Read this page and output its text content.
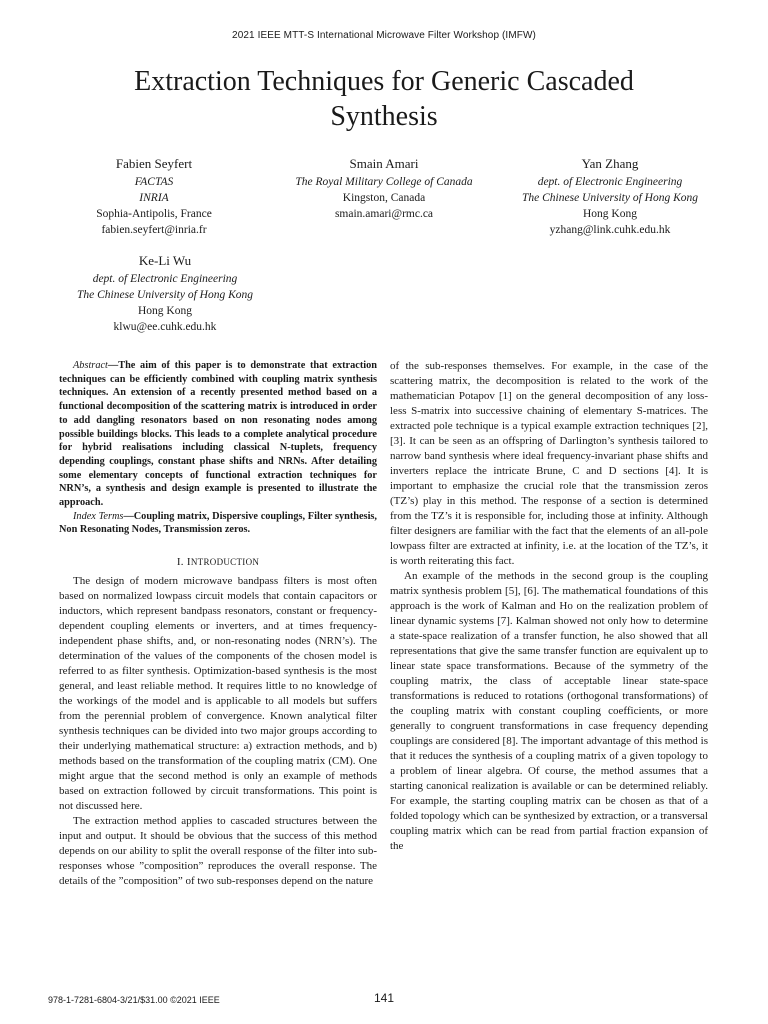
2021 IEEE MTT-S International Microwave Filter Workshop (IMFW)
Extraction Techniques for Generic Cascaded
Synthesis
Fabien Seyfert
FACTAS
INRIA
Sophia-Antipolis, France
fabien.seyfert@inria.fr
Smain Amari
The Royal Military College of Canada
Kingston, Canada
smain.amari@rmc.ca
Yan Zhang
dept. of Electronic Engineering
The Chinese University of Hong Kong
Hong Kong
yzhang@link.cuhk.edu.hk
Ke-Li Wu
dept. of Electronic Engineering
The Chinese University of Hong Kong
Hong Kong
klwu@ee.cuhk.edu.hk

Abstract—The aim of this paper is to demonstrate that extraction techniques can be efficiently combined with coupling matrix synthesis techniques. An extension of a recently presented method based on a functional decomposition of the scattering matrix is introduced in order to add dangling resonators based on non resonating nodes among possible buildings blocks. This leads to a complete analytical procedure for hybrid realisations including classical N-tuplets, frequency depending couplings, constant phase shifts and NRNs. After detailing some elementary concepts of functional extraction techniques for NRN’s, a synthesis and design example is presented to illustrate the approach.

Index Terms—Coupling matrix, Dispersive couplings, Filter synthesis, Non Resonating Nodes, Transmission zeros.

I. INTRODUCTION

The design of modern microwave bandpass filters is most often based on normalized lowpass circuit models that contain capacitors or inductors, which represent bandpass resonators, constant or frequency-dependent coupling elements or inverters, and at times frequency-independent phase shifts, and, or non-resonating nodes (NRN’s). The determination of the values of the components of the chosen model is referred to as filter synthesis. Optimization-based synthesis is the most general, and least reliable method. It requires little to no knowledge of the workings of the model and is applicable to all models but suffers from the perennial problem of convergence. Known analytical filter synthesis techniques can be divided into two major groups according to their underlying mathematical structure: a) extraction methods, and b) methods based on the transformation of the coupling matrix (CM). One might argue that the second method is only an example of methods based on extraction followed by circuit transformations. This point is not discussed here.

The extraction method applies to cascaded structures between the input and output. It should be obvious that the success of this method depends on our ability to split the overall response of the filter into sub-responses whose ”composition” reproduces the overall response. The details of the ”composition” of two sub-responses depend on the nature

of the sub-responses themselves. For example, in the case of the scattering matrix, the decomposition is related to the work of the mathematician Potapov [1] on the general decomposition of any loss-less S-matrix into successive chaining of elementary S-matrices. The extracted pole technique is a typical example extraction techniques [2], [3]. It can be seen as an offspring of Darlington’s synthesis tailored to narrow band synthesis where ideal frequency-invariant phase shifts and inverters replace the intricate Brune, C and D sections [4]. It is important to emphasize the crucial role that the transmission zeros (TZ’s) play in this method. The response of a section is determined from the TZ’s it is responsible for, including those at infinity. Although filter designers are familiar with the fact that the elements of an all-pole lowpass filter are extracted at infinity, i.e. at the location of the TZ’s, it is worth reiterating this fact.

An example of the methods in the second group is the coupling matrix synthesis problem [5], [6]. The mathematical foundations of this approach is the work of Kalman and Ho on the realization problem of linear dynamic systems [7]. Kalman showed not only how to determine a state-space realization of a transfer function, he also showed that all representations that give the same transfer function are equivalent up to linear state space transformations. Because of the symmetry of the coupling matrix, the class of acceptable linear state-space transformations is reduced to rotations (orthogonal transformations) of the coupling matrix with constant coupling coefficients, or more generally to congruent transformations in case frequency depending couplings are considered [8]. The important advantage of this method is that it reduces the synthesis of a coupling matrix of a given topology to a problem of linear algebra. Of course, the method assumes that a starting canonical realization is available or can be determined reliably. For example, the starting coupling matrix can be chosen as that of a folded topology which can be synthesized by extraction, or a transversal coupling matrix which can be read from partial fraction expansion of the

978-1-7281-6804-3/21/$31.00 ©2021 IEEE	141
